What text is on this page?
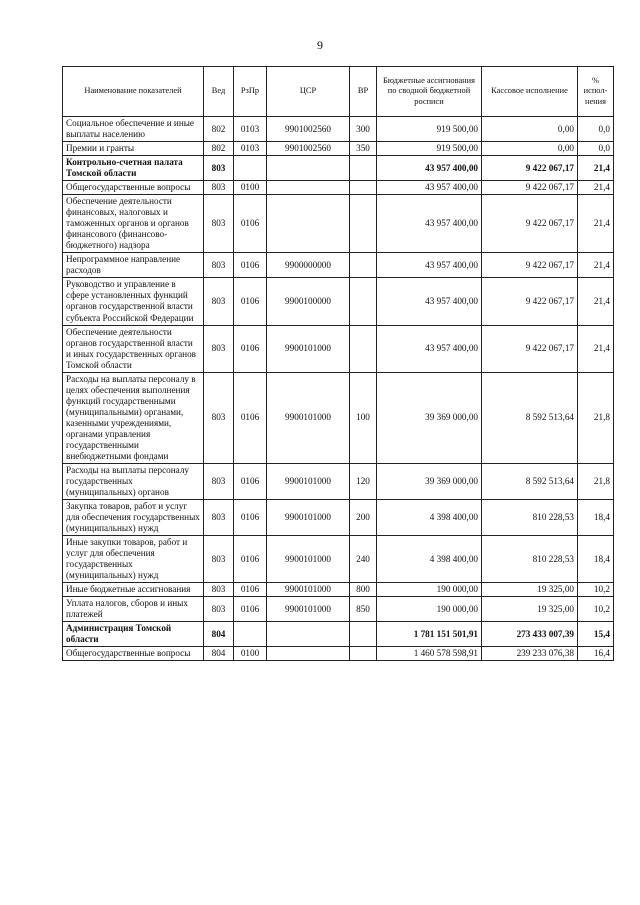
9
Наименование показателей	Вед	РзПр	ЦСР	ВР	Бюджетные ассигнования по сводной бюджетной росписи	Кассовое исполнение	% испол-нения
Социальное обеспечение и иные выплаты населению	802	0103	9901002560	300	919 500,00	0,00	0,0
Премии и гранты	802	0103	9901002560	350	919 500,00	0,00	0,0
Контрольно-счетная палата Томской области	803				43 957 400,00	9 422 067,17	21,4
Общегосударственные вопросы	803	0100			43 957 400,00	9 422 067,17	21,4
Обеспечение деятельности финансовых, налоговых и таможенных органов и органов финансового (финансово-бюджетного) надзора	803	0106			43 957 400,00	9 422 067,17	21,4
Непрограммное направление расходов	803	0106	9900000000		43 957 400,00	9 422 067,17	21,4
Руководство и управление в сфере установленных функций органов государственной власти субъекта Российской Федерации	803	0106	9900100000		43 957 400,00	9 422 067,17	21,4
Обеспечение деятельности органов государственной власти и иных государственных органов Томской области	803	0106	9900101000		43 957 400,00	9 422 067,17	21,4
Расходы на выплаты персоналу в целях обеспечения выполнения функций государственными (муниципальными) органами, казенными учреждениями, органами управления государственными внебюджетными фондами	803	0106	9900101000	100	39 369 000,00	8 592 513,64	21,8
Расходы на выплаты персоналу государственных (муниципальных) органов	803	0106	9900101000	120	39 369 000,00	8 592 513,64	21,8
Закупка товаров, работ и услуг для обеспечения государственных (муниципальных) нужд	803	0106	9900101000	200	4 398 400,00	810 228,53	18,4
Иные закупки товаров, работ и услуг для обеспечения государственных (муниципальных) нужд	803	0106	9900101000	240	4 398 400,00	810 228,53	18,4
Иные бюджетные ассигнования	803	0106	9900101000	800	190 000,00	19 325,00	10,2
Уплата налогов, сборов и иных платежей	803	0106	9900101000	850	190 000,00	19 325,00	10,2
Администрация Томской области	804				1 781 151 501,91	273 433 007,39	15,4
Общегосударственные вопросы	804	0100			1 460 578 598,91	239 233 076,38	16,4
